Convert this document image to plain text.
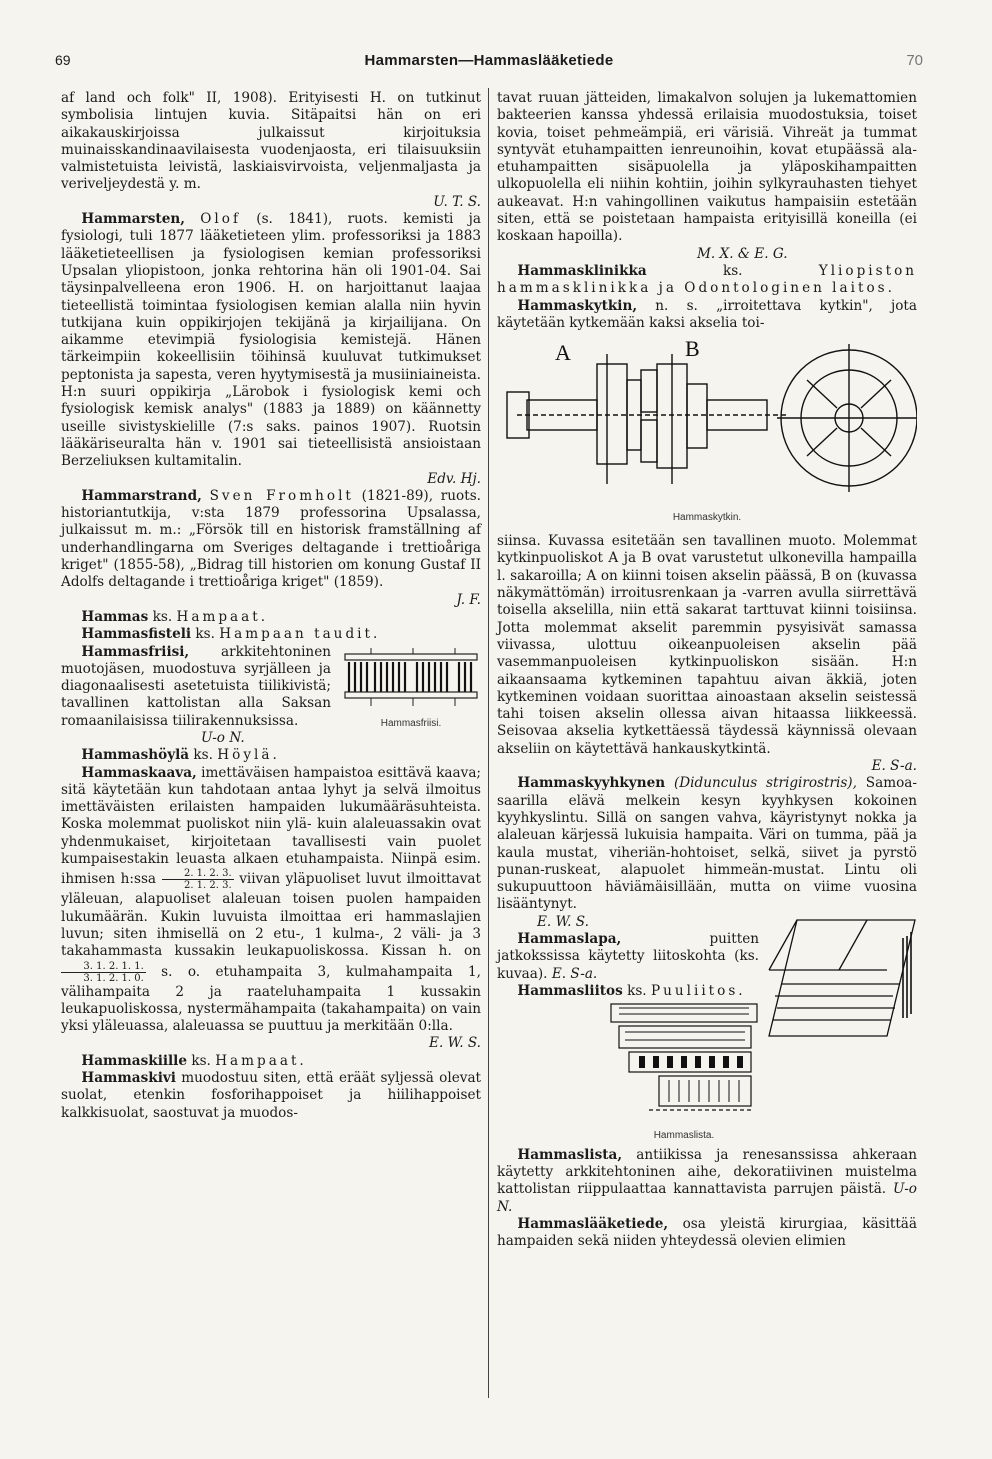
69	Hammarsten—Hammaslääketiede	70

af land och folk" II, 1908). Erityisesti H. on tutkinut symbolisia lintujen kuvia. Sitäpaitsi hän on eri aikakauskirjoissa julkaissut kirjoituksia muinaisskandinaavilaisesta vuodenjaosta, eri tilaisuuksiin valmistetuista leivistä, laskiaisvirvoista, veljenmaljasta ja veriveljeydestä y. m.

U. T. S.

Hammarsten, Olof (s. 1841), ruots. kemisti ja fysiologi, tuli 1877 lääketieteen ylim. professoriksi ja 1883 lääketieteellisen ja fysiologisen kemian professoriksi Upsalan yliopistoon, jonka rehtorina hän oli 1901-04. Sai täysinpalvelleena eron 1906. H. on harjoittanut laajaa tieteellistä toimintaa fysiologisen kemian alalla niin hyvin tutkijana kuin oppikirjojen tekijänä ja kirjailijana. On aikamme etevimpiä fysiologisia kemistejä. Hänen tärkeimpiin kokeellisiin töihinsä kuuluvat tutkimukset peptonista ja sapesta, veren hyytymisestä ja musiiniaineista. H:n suuri oppikirja „Lärobok i fysiologisk kemi och fysiologisk kemisk analys" (1883 ja 1889) on käännetty useille sivistyskielille (7:s saks. painos 1907). Ruotsin lääkäriseuralta hän v. 1901 sai tieteellisistä ansioistaan Berzeliuksen kultamitalin.

Edv. Hj.

Hammarstrand, Sven Fromholt (1821-89), ruots. historiantutkija, v:sta 1879 professorina Upsalassa, julkaissut m. m.: „Försök till en historisk framställning af underhandlingarna om Sveriges deltagande i trettioåriga kriget" (1855-58), „Bidrag till historien om konung Gustaf II Adolfs deltagande i trettioåriga kriget" (1859).

J. F.

Hammas ks. Hampaat.

Hammasfisteli ks. Hampaan taudit.

Hammasfriisi.

Hammasfriisi, arkkitehtoninen muotojäsen, muodostuva syrjälleen ja diagonaalisesti asetetuista tiilikivistä; tavallinen kattolistan alla Saksan romaanilaisissa tiilirakennuksissa.

U-o N.

Hammashöylä ks. Höylä.

Hammaskaava, imettäväisen hampaistoa esittävä kaava; sitä käytetään kun tahdotaan antaa lyhyt ja selvä ilmoitus imettäväisten erilaisten hampaiden lukumääräsuhteista. Koska molemmat puoliskot niin ylä- kuin alaleuassakin ovat yhdenmukaiset, kirjoitetaan tavallisesti vain puolet kumpaisestakin leuasta alkaen etuhampaista. Niinpä esim. ihmisen h:ssa $\frac{2. 1. 2. 3.}{2. 1. 2. 3.}$ viivan yläpuoliset luvut ilmoittavat yläleuan, alapuoliset alaleuan toisen puolen hampaiden lukumäärän. Kukin luvuista ilmoittaa eri hammaslajien luvun; siten ihmisellä on 2 etu-, 1 kulma-, 2 väli- ja 3 takahammasta kussakin leukapuoliskossa. Kissan h. on
$\frac{3. 1. 2. 1. 1.}{3. 1. 2. 1. 0.} s$. o. etuhampaita 3, kulmahampaita 1, välihampaita 2 ja raateluhampaita 1 kussakin leukapuoliskossa, nystermähampaita (takahampaita) on vain yksi yläleuassa, alaleuassa se puuttuu ja merkitään 0:lla.

E. W. S.

Hammaskiille ks. Hampaat.

Hammaskivi muodostuu siten, että eräät syljessä olevat suolat, etenkin fosforihappoiset ja hiilihappoiset kalkkisuolat, saostuvat ja muodos-

tavat ruuan jätteiden, limakalvon solujen ja lukemattomien bakteerien kanssa yhdessä erilaisia muodostuksia, toiset kovia, toiset pehmeämpiä, eri värisiä. Vihreät ja tummat syntyvät etuhampaitten ienreunoihin, kovat etupäässä ala-etuhampaitten sisäpuolella ja yläposkihampaitten ulkopuolella eli niihin kohtiin, joihin sylkyrauhasten tiehyet aukeavat. H:n vahingollinen vaikutus hampaisiin estetään siten, että se poistetaan hampaista erityisillä koneilla (ei koskaan hapoilla).

M. X. & E. G.

Hammasklinikka	ks.	Yliopiston hammasklinikka ja Odontologinen laitos.

Hammaskytkin, n. s. „irroitettava kytkin", jota käytetään kytkemään kaksi akselia toi-

A	B
Hammaskytkin.

siinsa. Kuvassa esitetään sen tavallinen muoto. Molemmat kytkinpuoliskot A ja B ovat varustetut ulkonevilla hampailla l. sakaroilla; A on kiinni toisen akselin päässä, B on (kuvassa näkymättömän) irroitusrenkaan ja -varren avulla siirrettävä toisella akselilla, niin että sakarat tarttuvat kiinni toisiinsa. Jotta molemmat akselit paremmin pysyisivät samassa viivassa, ulottuu oikeanpuoleisen akselin pää vasemmanpuoleisen kytkinpuoliskon sisään. H:n aikaansaama kytkeminen tapahtuu aivan äkkiä, joten kytkeminen voidaan suorittaa ainoastaan akselin seistessä tahi toisen akselin ollessa aivan hitaassa liikkeessä. Seisovaa akselia kytkettäessä täydessä käynnissä olevaan akseliin on käytettävä hankauskytkintä.

E. S-a.

Hammaskyyhkynen (Didunculus strigirostris), Samoa-saarilla elävä melkein kesyn kyyhkysen kokoinen kyyhkyslintu. Sillä on sangen vahva, käyristynyt nokka ja alaleuan kärjessä lukuisia hampaita. Väri on tumma, pää ja kaula mustat, viheriän-hohtoiset, selkä, siivet ja pyrstö punan-ruskeat, alapuolet himmeän-mustat. Lintu oli sukupuuttoon häviämäisillään, mutta on viime vuosina lisääntynyt.

E. W. S.

Hammaslapa,	puitten jatkokssissa käytetty liitoskohta (ks. kuvaa). E. S-a.

Hammasliitos ks. Puuliitos.

Hammaslista.

Hammaslista, antiikissa ja renesanssissa ahkeraan käytetty arkkitehtoninen aihe, dekoratiivinen muistelma kattolistan riippulaattaa kannattavista parrujen päistä. U-o N.

Hammaslääketiede, osa yleistä kirurgiaa, käsittää hampaiden sekä niiden yhteydessä olevien elimien
